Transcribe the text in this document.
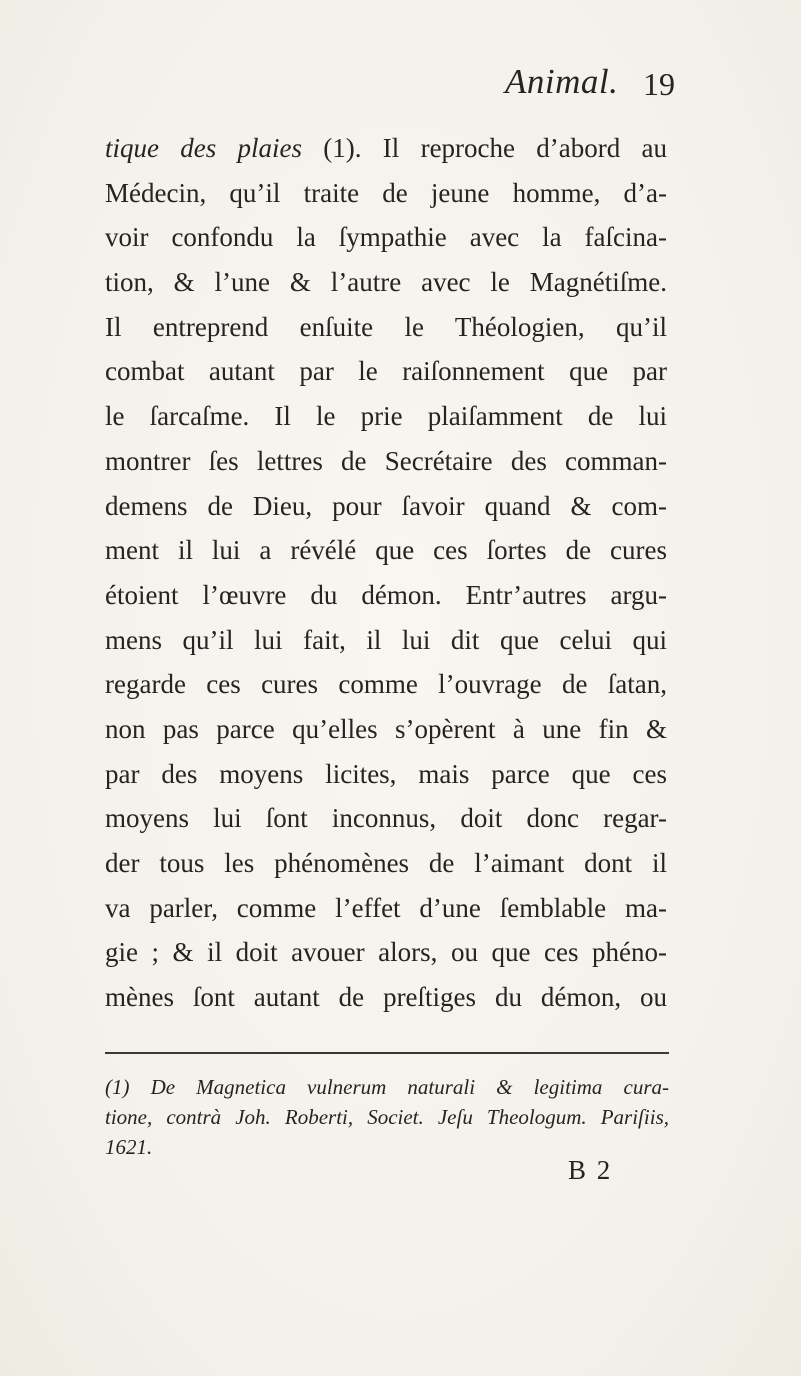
Animal. 19
tique des plaies (1). Il reproche d’abord au
Médecin, qu’il traite de jeune homme, d’a-
voir confondu la ſympathie avec la faſcina-
tion, & l’une & l’autre avec le Magnétiſme.
Il entreprend enſuite le Théologien, qu’il
combat autant par le raiſonnement que par
le ſarcaſme. Il le prie plaiſamment de lui
montrer ſes lettres de Secrétaire des comman-
demens de Dieu, pour ſavoir quand & com-
ment il lui a révélé que ces ſortes de cures
étoient l’œuvre du démon. Entr’autres argu-
mens qu’il lui fait, il lui dit que celui qui
regarde ces cures comme l’ouvrage de ſatan,
non pas parce qu’elles s’opèrent à une fin &
par des moyens licites, mais parce que ces
moyens lui ſont inconnus, doit donc regar-
der tous les phénomènes de l’aimant dont il
va parler, comme l’effet d’une ſemblable ma-
gie ; & il doit avouer alors, ou que ces phéno-
mènes ſont autant de preſtiges du démon, ou
(1) De Magnetica vulnerum naturali & legitima cura-
tione, contrà Joh. Roberti, Societ. Jeſu Theologum. Pariſiis,
1621.
B 2
